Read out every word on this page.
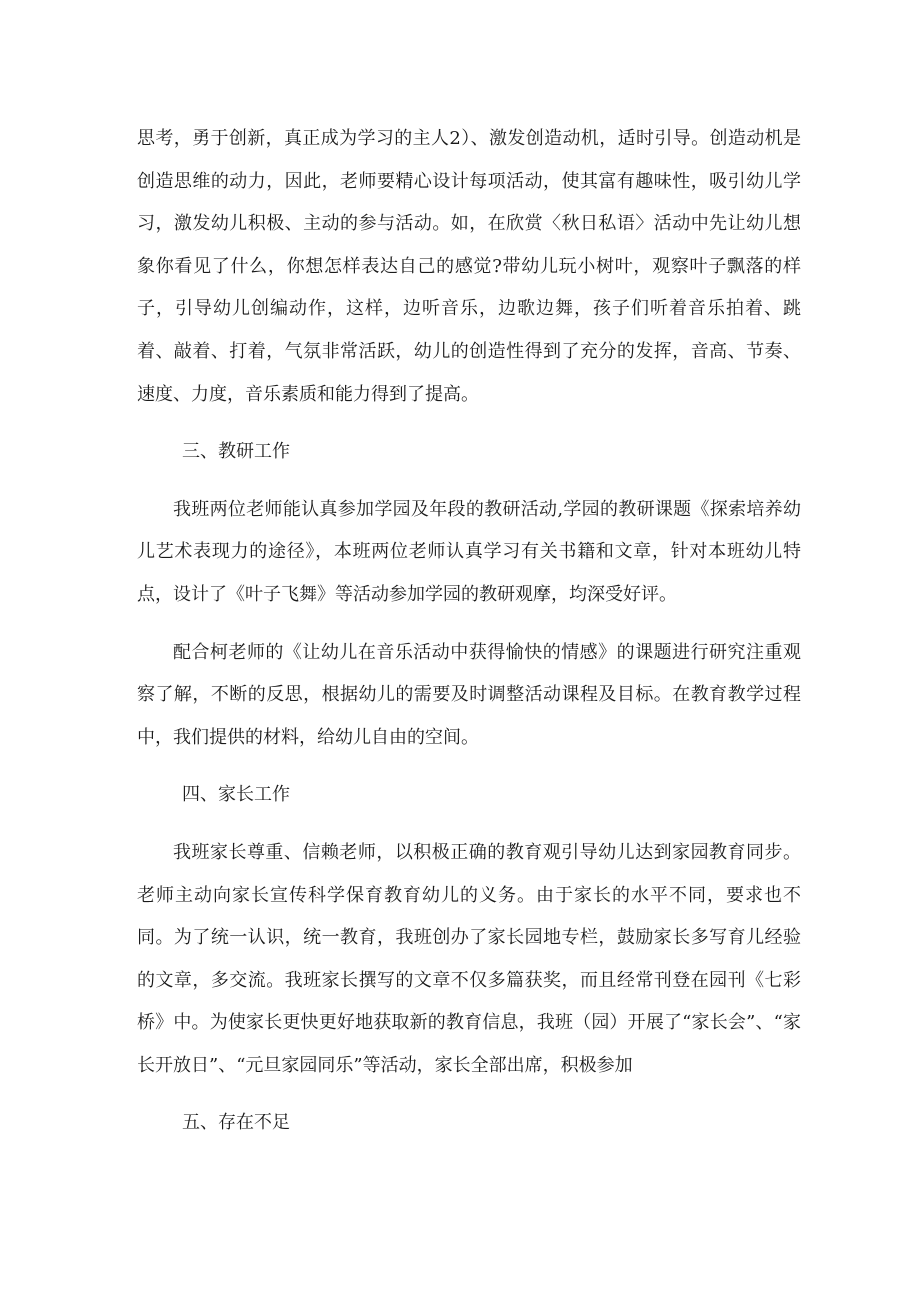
思考，勇于创新，真正成为学习的主人2）、激发创造动机，适时引导。创造动机是创造思维的动力，因此，老师要精心设计每项活动，使其富有趣味性，吸引幼儿学习，激发幼儿积极、主动的参与活动。如，在欣赏〈秋日私语〉活动中先让幼儿想象你看见了什么，你想怎样表达自己的感觉?带幼儿玩小树叶，观察叶子飘落的样子，引导幼儿创编动作，这样，边听音乐，边歌边舞，孩子们听着音乐拍着、跳着、敲着、打着，气氛非常活跃，幼儿的创造性得到了充分的发挥，音高、节奏、速度、力度，音乐素质和能力得到了提高。

三、教研工作

我班两位老师能认真参加学园及年段的教研活动,学园的教研课题《探索培养幼儿艺术表现力的途径》，本班两位老师认真学习有关书籍和文章，针对本班幼儿特点，设计了《叶子飞舞》等活动参加学园的教研观摩，均深受好评。

配合柯老师的《让幼儿在音乐活动中获得愉快的情感》的课题进行研究注重观察了解，不断的反思，根据幼儿的需要及时调整活动课程及目标。在教育教学过程中，我们提供的材料，给幼儿自由的空间。

四、家长工作

我班家长尊重、信赖老师，以积极正确的教育观引导幼儿达到家园教育同步。老师主动向家长宣传科学保育教育幼儿的义务。由于家长的水平不同，要求也不同。为了统一认识，统一教育，我班创办了家长园地专栏，鼓励家长多写育儿经验的文章，多交流。我班家长撰写的文章不仅多篇获奖，而且经常刊登在园刊《七彩桥》中。为使家长更快更好地获取新的教育信息，我班（园）开展了“家长会”、“家长开放日”、“元旦家园同乐”等活动，家长全部出席，积极参加

五、存在不足
